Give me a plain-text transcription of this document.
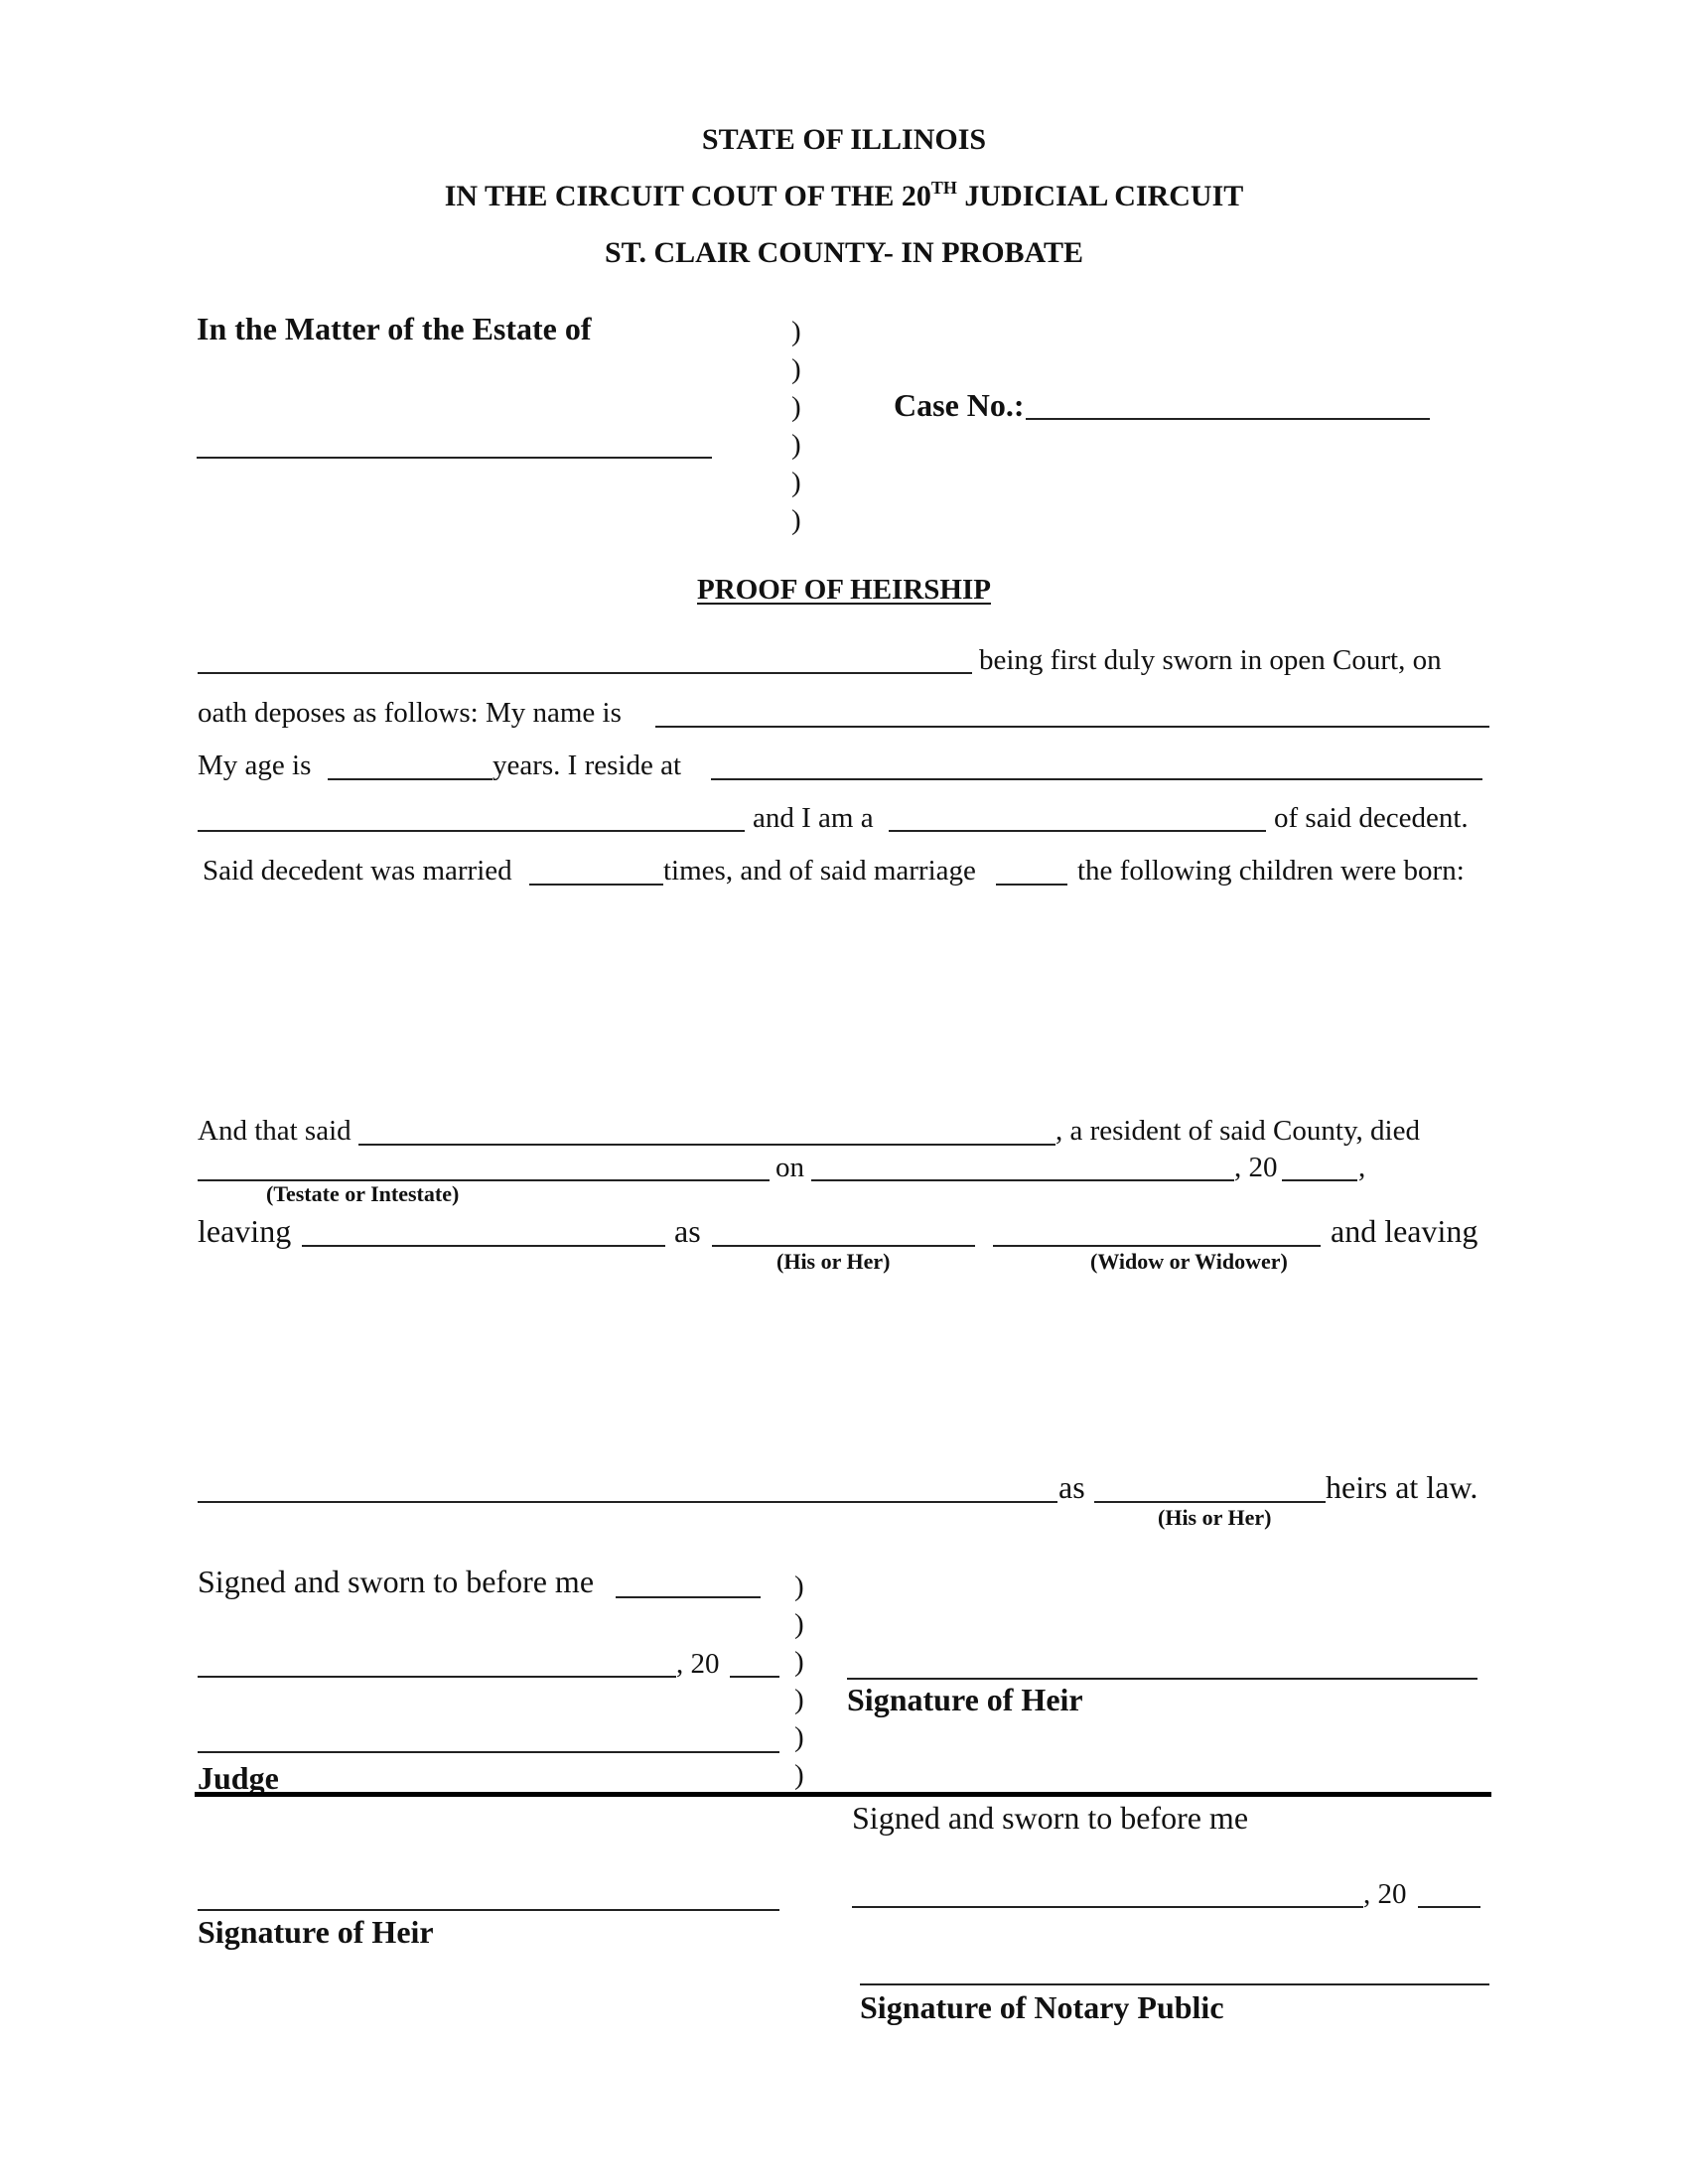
STATE OF ILLINOIS
IN THE CIRCUIT COUT OF THE 20TH JUDICIAL CIRCUIT
ST. CLAIR COUNTY- IN PROBATE
In the Matter of the Estate of	)
)
)
)
)
)
Case No.:
PROOF OF HEIRSHIP
being first duly sworn in open Court, on
oath deposes as follows: My name is
My age is	years. I reside at
and I am a	of said decedent.
Said decedent was married	times, and of said marriage	the following children were born:
And that said	, a resident of said County, died
on	, 20	,
(Testate or Intestate)
leaving	as	and leaving
(His or Her)	(Widow or Widower)
as	heirs at law.
(His or Her)
Signed and sworn to before me
, 20
Judge
)
)
)
)
)
)
Signature of Heir
Signed and sworn to before me
, 20
Signature of Heir
Signature of Notary Public
